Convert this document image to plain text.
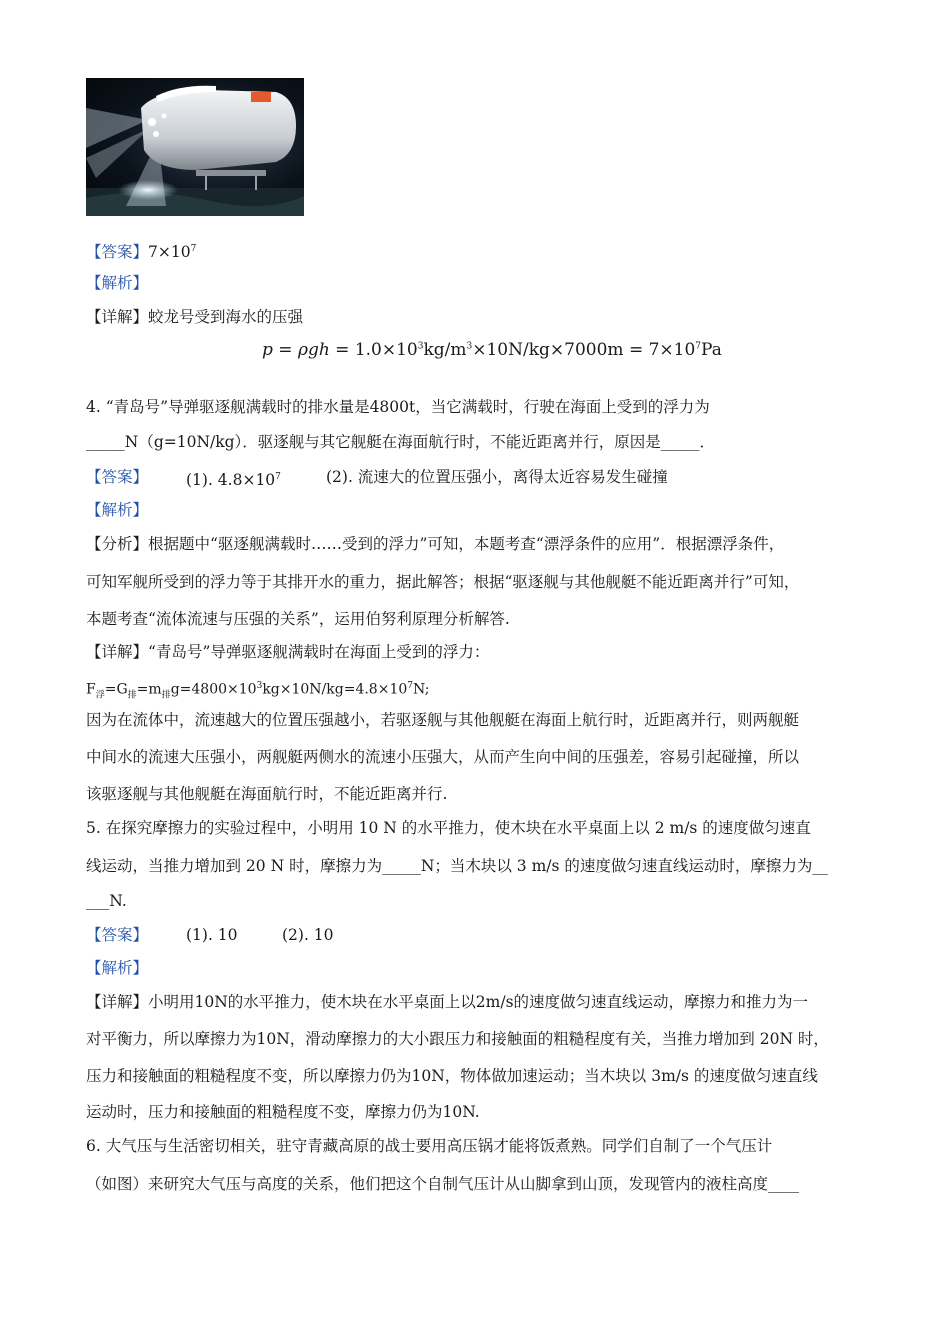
【答案】$7\times 10^7$
【解析】
【详解】蛟龙号受到海水的压强
$p = \rho gh = 1.0\times 10^3kg/m^3\times 10N/kg\times 7000m = 7\times 10^7Pa$
4. “青岛号”导弹驱逐舰满载时的排水量是4800t，当它满载时，行驶在海面上受到的浮力为
_____N（g=10N/kg）．驱逐舰与其它舰艇在海面航行时，不能近距离并行，原因是_____．
【答案】 (1). $4.8\times 10^7$	(2). 流速大的位置压强小，离得太近容易发生碰撞
【解析】
【分析】根据题中“驱逐舰满载时……受到的浮力”可知，本题考查“漂浮条件的应用”．根据漂浮条件，
可知军舰所受到的浮力等于其排开水的重力，据此解答；根据“驱逐舰与其他舰艇不能近距离并行”可知，
本题考查“流体流速与压强的关系”，运用伯努利原理分析解答.
【详解】“青岛号”导弹驱逐舰满载时在海面上受到的浮力：
$F_浮=G_排=m_排g=4800\times 10^3kg\times 10N/kg=4.8\times 10^7N$;
因为在流体中，流速越大的位置压强越小，若驱逐舰与其他舰艇在海面上航行时，近距离并行，则两舰艇
中间水的流速大压强小，两舰艇两侧水的流速小压强大，从而产生向中间的压强差，容易引起碰撞，所以
该驱逐舰与其他舰艇在海面航行时，不能近距离并行.
5. 在探究摩擦力的实验过程中，小明用 10 N 的水平推力，使木块在水平桌面上以 2 m/s 的速度做匀速直
线运动，当推力增加到 20 N 时，摩擦力为_____N；当木块以 3 m/s 的速度做匀速直线运动时，摩擦力为__
___N.
【答案】 (1). 10	(2). 10
【解析】
【详解】小明用10N的水平推力，使木块在水平桌面上以2m/s的速度做匀速直线运动，摩擦力和推力为一
对平衡力，所以摩擦力为10N，滑动摩擦力的大小跟压力和接触面的粗糙程度有关，当推力增加到 20N 时，
压力和接触面的粗糙程度不变，所以摩擦力仍为10N，物体做加速运动；当木块以 3m/s 的速度做匀速直线
运动时，压力和接触面的粗糙程度不变，摩擦力仍为10N.
6. 大气压与生活密切相关，驻守青藏高原的战士要用高压锅才能将饭煮熟。同学们自制了一个气压计
（如图）来研究大气压与高度的关系，他们把这个自制气压计从山脚拿到山顶，发现管内的液柱高度____
